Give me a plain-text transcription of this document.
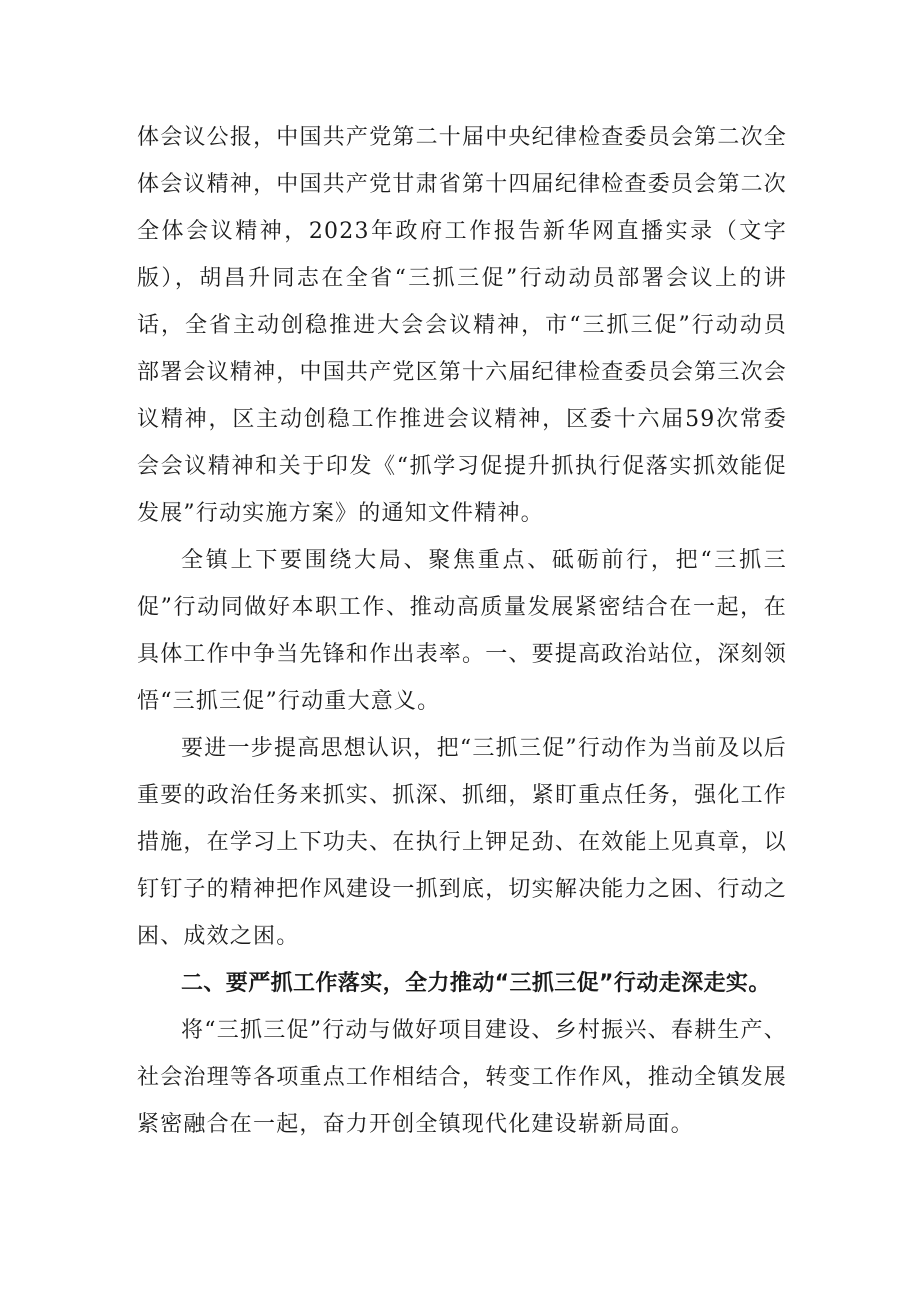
体会议公报，中国共产党第二十届中央纪律检查委员会第二次全体会议精神，中国共产党甘肃省第十四届纪律检查委员会第二次全体会议精神，2023年政府工作报告新华网直播实录（文字版），胡昌升同志在全省“三抓三促”行动动员部署会议上的讲话，全省主动创稳推进大会会议精神，市“三抓三促”行动动员部署会议精神，中国共产党区第十六届纪律检查委员会第三次会议精神，区主动创稳工作推进会议精神，区委十六届59次常委会会议精神和关于印发《“抓学习促提升抓执行促落实抓效能促发展”行动实施方案》的通知文件精神。

全镇上下要围绕大局、聚焦重点、砥砺前行，把“三抓三促”行动同做好本职工作、推动高质量发展紧密结合在一起，在具体工作中争当先锋和作出表率。一、要提高政治站位，深刻领悟“三抓三促”行动重大意义。

要进一步提高思想认识，把“三抓三促”行动作为当前及以后重要的政治任务来抓实、抓深、抓细，紧盯重点任务，强化工作措施，在学习上下功夫、在执行上钾足劲、在效能上见真章，以钉钉子的精神把作风建设一抓到底，切实解决能力之困、行动之困、成效之困。

二、要严抓工作落实，全力推动“三抓三促”行动走深走实。

将“三抓三促”行动与做好项目建设、乡村振兴、春耕生产、社会治理等各项重点工作相结合，转变工作作风，推动全镇发展紧密融合在一起，奋力开创全镇现代化建设崭新局面。
